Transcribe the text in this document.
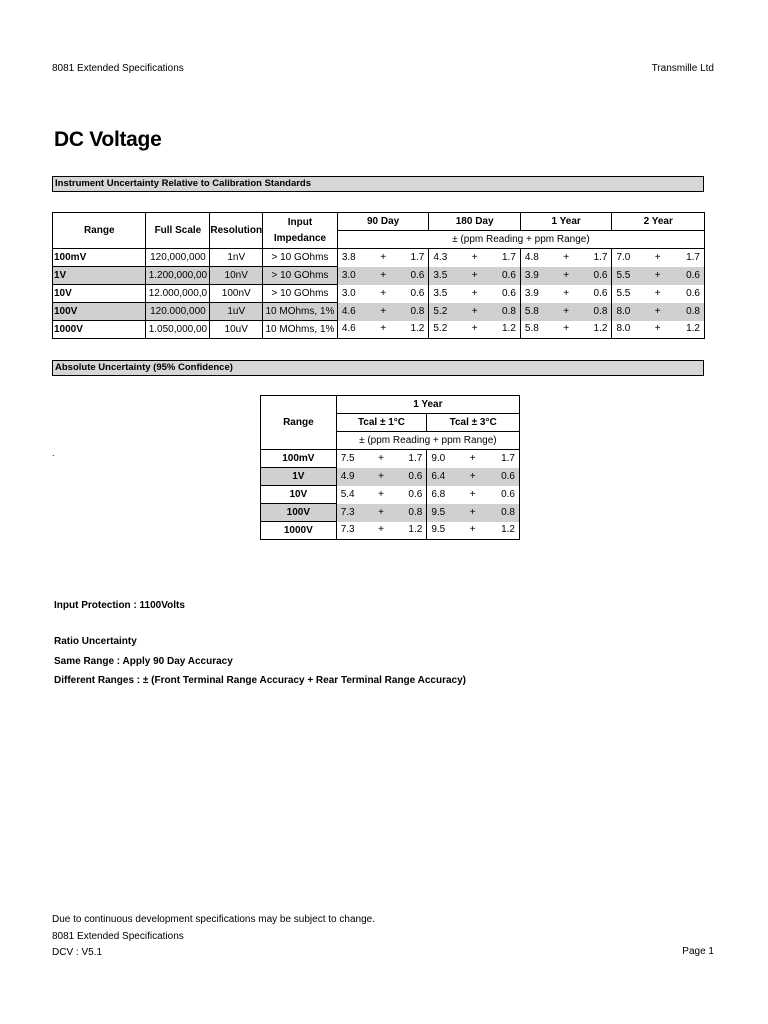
8081 Extended Specifications	Transmille Ltd
DC Voltage
Instrument Uncertainty Relative to Calibration Standards
Range	Full Scale	Resolution	Input Impedance	90 Day			180 Day			1 Year			2 Year		
				± (ppm Reading + ppm Range)											
100mV	120,000,000	1nV	> 10 GOhms	3.8	+	1.7	4.3	+	1.7	4.8	+	1.7	7.0	+	1.7
1V	1.200,000,00	10nV	> 10 GOhms	3.0	+	0.6	3.5	+	0.6	3.9	+	0.6	5.5	+	0.6
10V	12.000,000,0	100nV	> 10 GOhms	3.0	+	0.6	3.5	+	0.6	3.9	+	0.6	5.5	+	0.6
100V	120.000,000	1uV	10 MOhms, 1%	4.6	+	0.8	5.2	+	0.8	5.8	+	0.8	8.0	+	0.8
1000V	1.050,000,00	10uV	10 MOhms, 1%	4.6	+	1.2	5.2	+	1.2	5.8	+	1.2	8.0	+	1.2
Absolute Uncertainty (95% Confidence)
.
Range	1 Year					
	Tcal ± 1°C			Tcal ± 3°C		
	± (ppm Reading + ppm Range)					
100mV	7.5	+	1.7	9.0	+	1.7
1V	4.9	+	0.6	6.4	+	0.6
10V	5.4	+	0.6	6.8	+	0.6
100V	7.3	+	0.8	9.5	+	0.8
1000V	7.3	+	1.2	9.5	+	1.2
Input Protection : 1100Volts
Ratio Uncertainty
Same Range : Apply 90 Day Accuracy
Different Ranges : ± (Front Terminal Range Accuracy + Rear Terminal Range Accuracy)
Due to continuous development specifications may be subject to change.
8081 Extended Specifications
DCV : V5.1	Page 1
